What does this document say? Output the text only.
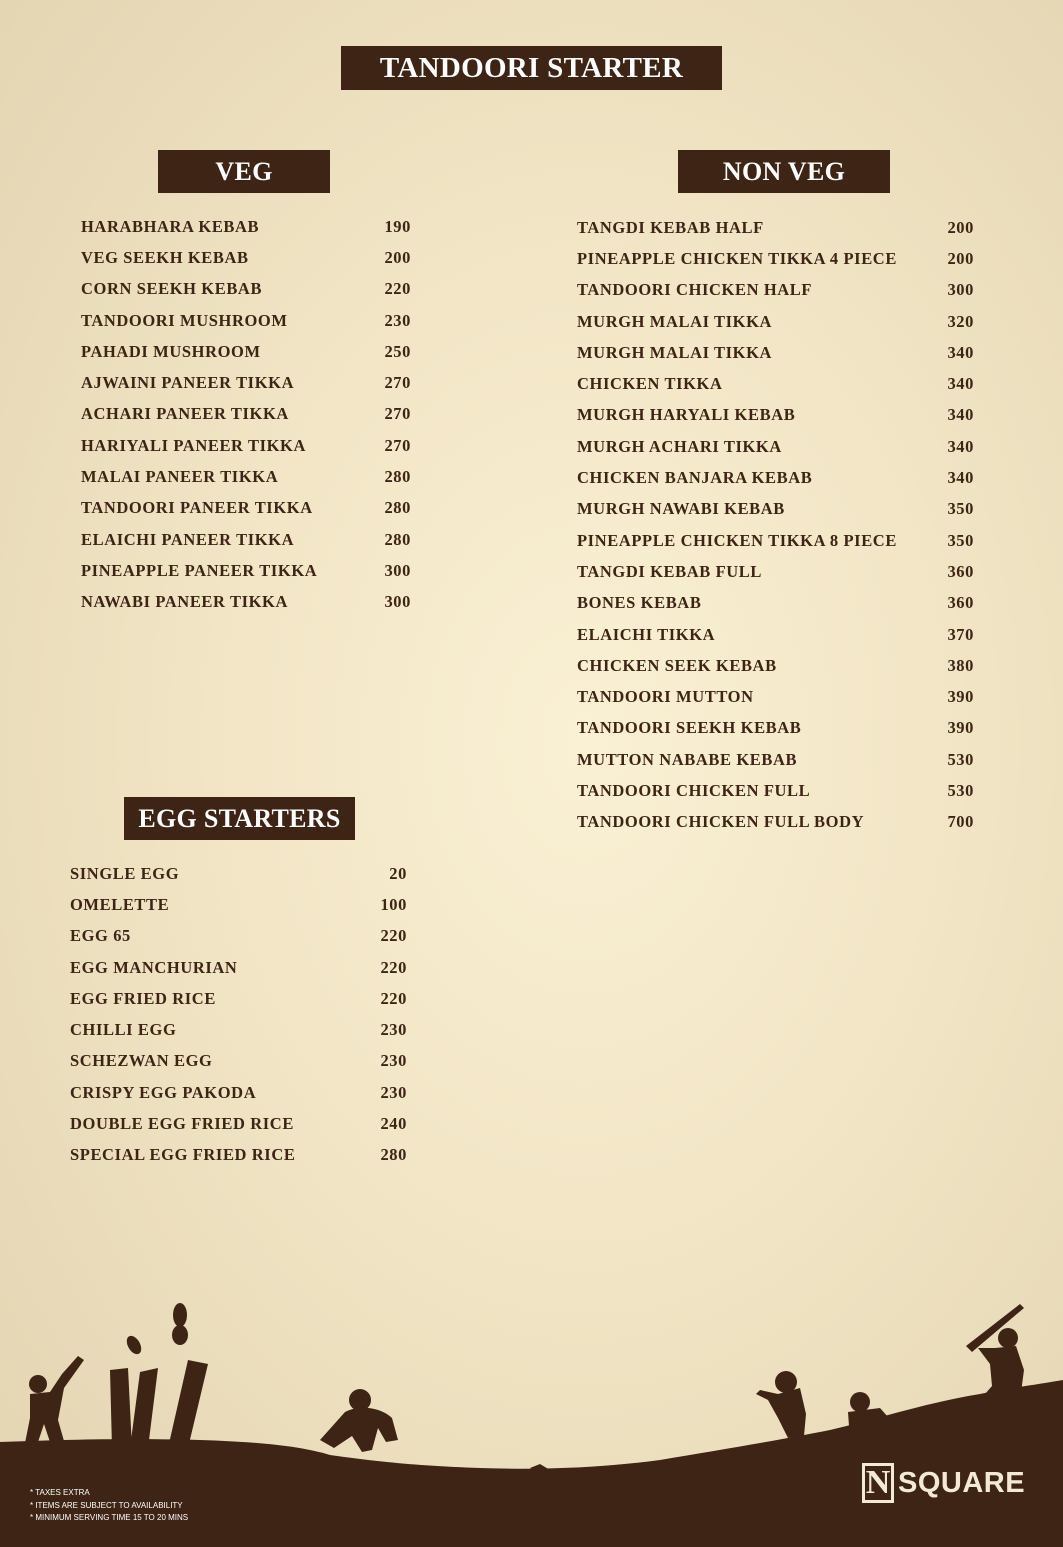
TANDOORI STARTER
VEG	NON VEG
EGG STARTERS
HARABHARA KEBAB	190
VEG SEEKH KEBAB	200
CORN SEEKH KEBAB	220
TANDOORI MUSHROOM	230
PAHADI MUSHROOM	250
AJWAINI PANEER TIKKA	270
ACHARI PANEER TIKKA	270
HARIYALI PANEER TIKKA	270
MALAI PANEER TIKKA	280
TANDOORI PANEER TIKKA	280
ELAICHI PANEER TIKKA	280
PINEAPPLE PANEER TIKKA	300
NAWABI PANEER TIKKA	300
TANGDI KEBAB HALF	200
PINEAPPLE CHICKEN TIKKA 4 PIECE	200
TANDOORI CHICKEN HALF	300
MURGH MALAI TIKKA	320
MURGH MALAI TIKKA	340
CHICKEN TIKKA	340
MURGH HARYALI KEBAB	340
MURGH ACHARI TIKKA	340
CHICKEN BANJARA KEBAB	340
MURGH NAWABI KEBAB	350
PINEAPPLE CHICKEN TIKKA 8 PIECE	350
TANGDI KEBAB FULL	360
BONES KEBAB	360
ELAICHI TIKKA	370
CHICKEN SEEK KEBAB	380
TANDOORI MUTTON	390
TANDOORI SEEKH KEBAB	390
MUTTON NABABE KEBAB	530
TANDOORI CHICKEN FULL	530
TANDOORI CHICKEN FULL BODY	700
SINGLE EGG	20
OMELETTE	100
EGG 65	220
EGG MANCHURIAN	220
EGG FRIED RICE	220
CHILLI EGG	230
SCHEZWAN EGG	230
CRISPY EGG PAKODA	230
DOUBLE EGG FRIED RICE	240
SPECIAL EGG FRIED RICE	280
* TAXES EXTRA
* ITEMS ARE SUBJECT TO AVAILABILITY
* MINIMUM SERVING TIME 15 TO 20 MINS
N SQUARE
